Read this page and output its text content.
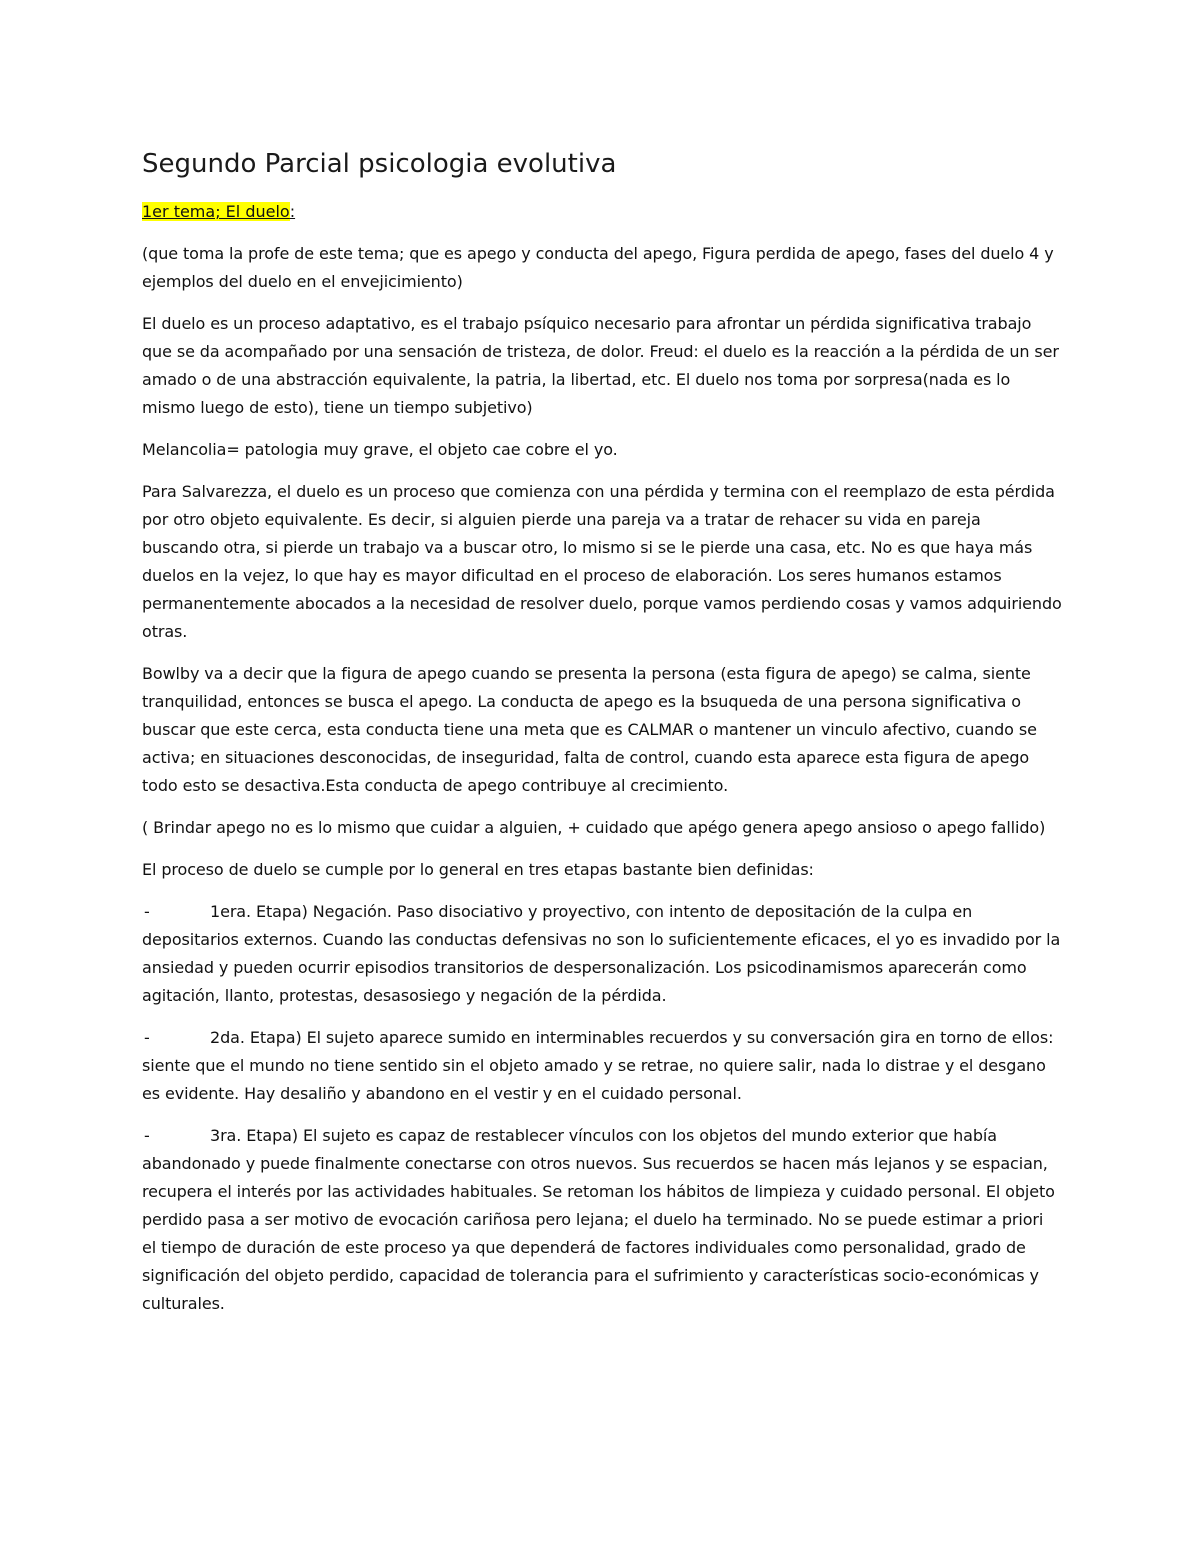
Segundo Parcial psicologia evolutiva
1er tema; El duelo:

(que toma la profe de este tema; que es apego y conducta del apego, Figura perdida de apego, fases del duelo 4 y ejemplos del duelo en el envejicimiento)

El duelo es un proceso adaptativo, es el trabajo psíquico necesario para afrontar un pérdida significativa trabajo que se da acompañado por una sensación de tristeza, de dolor. Freud: el duelo es la reacción a la pérdida de un ser amado o de una abstracción equivalente, la patria, la libertad, etc. El duelo nos toma por sorpresa(nada es lo mismo luego de esto), tiene un tiempo subjetivo)

Melancolia= patologia muy grave, el objeto cae cobre el yo.

Para Salvarezza, el duelo es un proceso que comienza con una pérdida y termina con el reemplazo de esta pérdida por otro objeto equivalente. Es decir, si alguien pierde una pareja va a tratar de rehacer su vida en pareja buscando otra, si pierde un trabajo va a buscar otro, lo mismo si se le pierde una casa, etc. No es que haya más duelos en la vejez, lo que hay es mayor dificultad en el proceso de elaboración. Los seres humanos estamos permanentemente abocados a la necesidad de resolver duelo, porque vamos perdiendo cosas y vamos adquiriendo otras.

Bowlby va a decir que la figura de apego cuando se presenta la persona (esta figura de apego) se calma, siente tranquilidad, entonces se busca el apego. La conducta de apego es la bsuqueda de una persona significativa o buscar que este cerca, esta conducta tiene una meta que es CALMAR o mantener un vinculo afectivo, cuando se activa; en situaciones desconocidas, de inseguridad, falta de control, cuando esta aparece esta figura de apego todo esto se desactiva.Esta conducta de apego contribuye al crecimiento.

( Brindar apego no es lo mismo que cuidar a alguien, + cuidado que apégo genera apego ansioso o apego fallido)

El proceso de duelo se cumple por lo general en tres etapas bastante bien definidas:

-	1era. Etapa) Negación. Paso disociativo y proyectivo, con intento de depositación de la culpa en depositarios externos. Cuando las conductas defensivas no son lo suficientemente eficaces, el yo es invadido por la ansiedad y pueden ocurrir episodios transitorios de despersonalización. Los psicodinamismos aparecerán como agitación, llanto, protestas, desasosiego y negación de la pérdida.
-	2da. Etapa) El sujeto aparece sumido en interminables recuerdos y su conversación gira en torno de ellos: siente que el mundo no tiene sentido sin el objeto amado y se retrae, no quiere salir, nada lo distrae y el desgano es evidente. Hay desaliño y abandono en el vestir y en el cuidado personal.
-	3ra. Etapa) El sujeto es capaz de restablecer vínculos con los objetos del mundo exterior que había abandonado y puede finalmente conectarse con otros nuevos. Sus recuerdos se hacen más lejanos y se espacian, recupera el interés por las actividades habituales. Se retoman los hábitos de limpieza y cuidado personal. El objeto perdido pasa a ser motivo de evocación cariñosa pero lejana; el duelo ha terminado. No se puede estimar a priori el tiempo de duración de este proceso ya que dependerá de factores individuales como personalidad, grado de significación del objeto perdido, capacidad de tolerancia para el sufrimiento y características socio-económicas y culturales.
